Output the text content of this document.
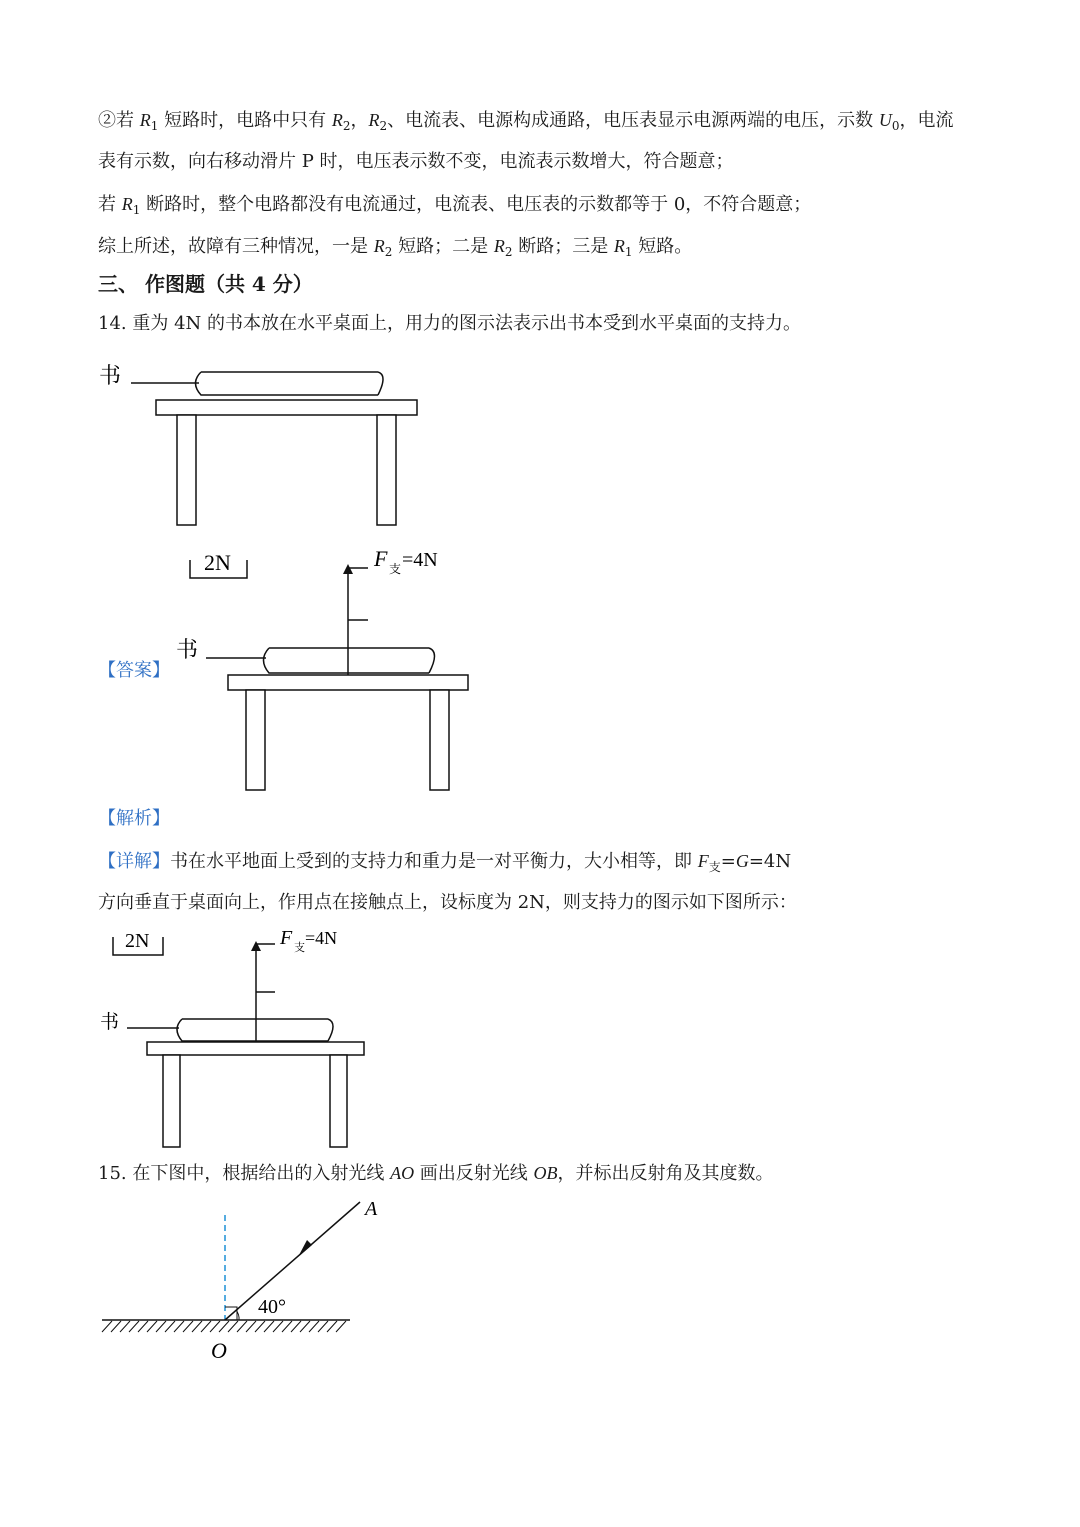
②若 $R_1$ 短路时，电路中只有 $R_2$，$R_2$、电流表、电源构成通路，电压表显示电源两端的电压，示数 $U_0$，电流
表有示数，向右移动滑片 P 时，电压表示数不变，电流表示数增大，符合题意；
若 $R_1$ 断路时，整个电路都没有电流通过，电流表、电压表的示数都等于 0，不符合题意；
综上所述，故障有三种情况，一是 $R_2$ 短路；二是 $R_2$ 断路；三是 $R_1$ 短路。
三、 作图题（共 4 分）
14. 重为 4N 的书本放在水平桌面上，用力的图示法表示出书本受到水平桌面的支持力。
书
2N	F 支 =4N
书
【答案】
【解析】
【详解】书在水平地面上受到的支持力和重力是一对平衡力，大小相等，即 $F_支=G=4N$
方向垂直于桌面向上，作用点在接触点上，设标度为 2N，则支持力的图示如下图所示：
2N	F 支 =4N
书
15. 在下图中，根据给出的入射光线 AO 画出反射光线 OB，并标出反射角及其度数。
A
40°
O
